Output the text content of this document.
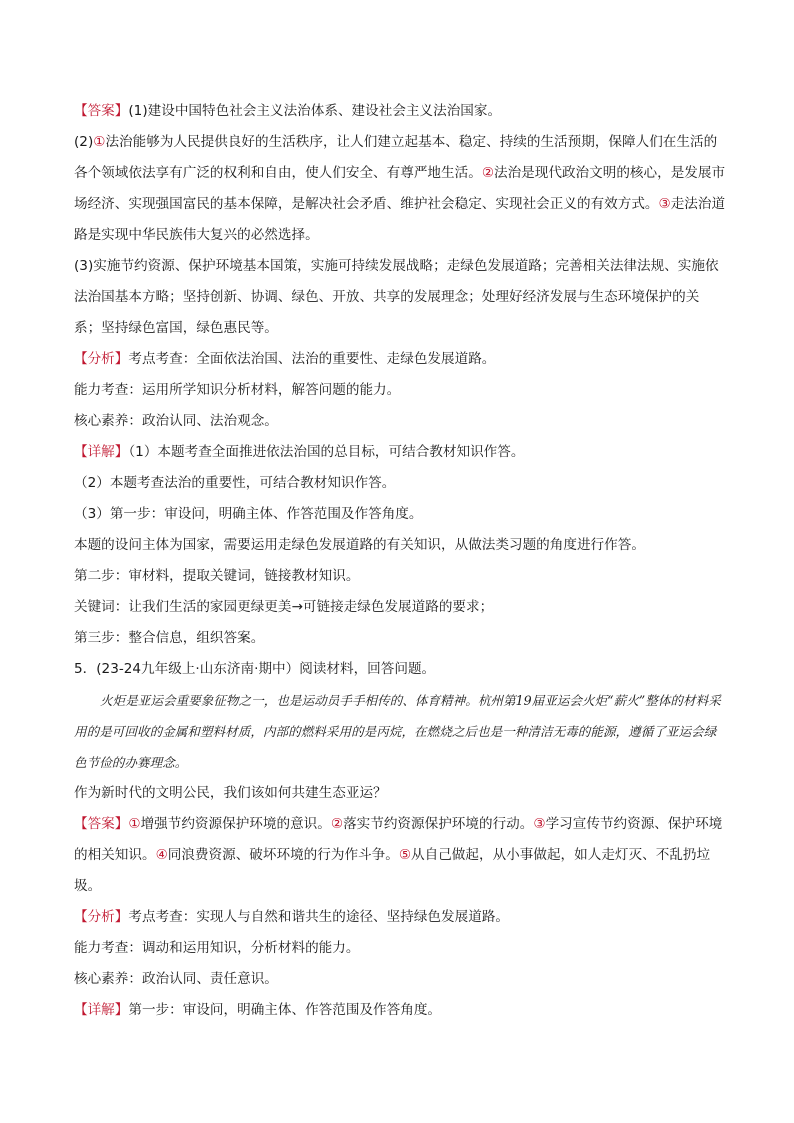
【答案】(1)建设中国特色社会主义法治体系、建设社会主义法治国家。

(2)①法治能够为人民提供良好的生活秩序，让人们建立起基本、稳定、持续的生活预期，保障人们在生活的各个领域依法享有广泛的权利和自由，使人们安全、有尊严地生活。②法治是现代政治文明的核心，是发展市场经济、实现强国富民的基本保障，是解决社会矛盾、维护社会稳定、实现社会正义的有效方式。③走法治道路是实现中华民族伟大复兴的必然选择。

(3)实施节约资源、保护环境基本国策，实施可持续发展战略；走绿色发展道路；完善相关法律法规、实施依法治国基本方略；坚持创新、协调、绿色、开放、共享的发展理念；处理好经济发展与生态环境保护的关系；坚持绿色富国，绿色惠民等。

【分析】考点考查：全面依法治国、法治的重要性、走绿色发展道路。

能力考查：运用所学知识分析材料，解答问题的能力。

核心素养：政治认同、法治观念。

【详解】（1）本题考查全面推进依法治国的总目标，可结合教材知识作答。

（2）本题考查法治的重要性，可结合教材知识作答。

（3）第一步：审设问，明确主体、作答范围及作答角度。

本题的设问主体为国家，需要运用走绿色发展道路的有关知识，从做法类习题的角度进行作答。

第二步：审材料，提取关键词，链接教材知识。

关键词：让我们生活的家园更绿更美→可链接走绿色发展道路的要求；

第三步：整合信息，组织答案。

5．(23-24九年级上·山东济南·期中）阅读材料，回答问题。

火炬是亚运会重要象征物之一，也是运动员手手相传的、体育精神。杭州第19届亚运会火炬“薪火”整体的材料采用的是可回收的金属和塑料材质，内部的燃料采用的是丙烷，在燃烧之后也是一种清洁无毒的能源，遵循了亚运会绿色节俭的办赛理念。

作为新时代的文明公民，我们该如何共建生态亚运？

【答案】①增强节约资源保护环境的意识。②落实节约资源保护环境的行动。③学习宣传节约资源、保护环境的相关知识。④同浪费资源、破坏环境的行为作斗争。⑤从自己做起，从小事做起，如人走灯灭、不乱扔垃圾。

【分析】考点考查：实现人与自然和谐共生的途径、坚持绿色发展道路。

能力考查：调动和运用知识，分析材料的能力。

核心素养：政治认同、责任意识。

【详解】第一步：审设问，明确主体、作答范围及作答角度。
